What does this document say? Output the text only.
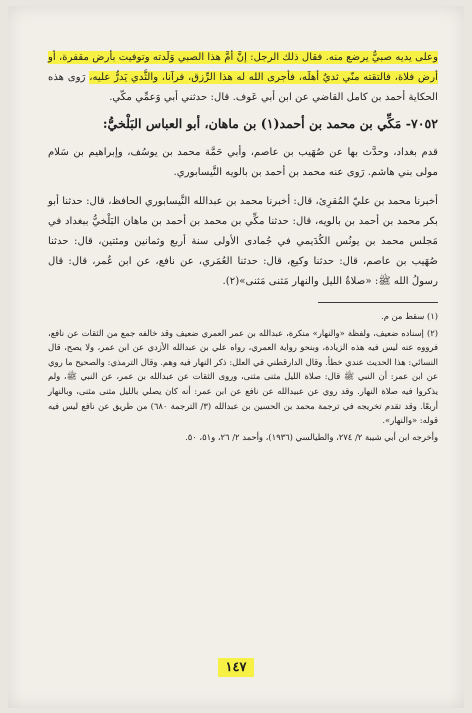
وعلى يديه صبيٌّ يرضع منه. فقال ذلك الرجل: إنَّ أمَّ هذا الصبي وَلَدته وتوفيت بأرض مقفرة، أو أرض فلاة، فالتقته منّي ثديٌ أهلَه، فأجرى الله له هذا الرِّزق، فرآنا، والثَّدي يَدرُّ عليه، رَوى هذه الحكاية أحمد بن كامل القاضي عن ابن أبي عَوف. قال: حدثني أبي وَعمِّي مكّي.

٧٠٥٢- مَكِّي بن محمد بن أحمد(١) بن ماهان، أبو العباس البَلْخيُّ:

قدم بغداد، وحدَّث بها عن صُهَيب بن عاصم، وأبي حَمَّة محمد بن يوسُف، وإبراهيم بن سَلام مولى بني هاشم. رَوى عنه محمد بن أحمد بن بالويه النَّيسابوري.

أخبرنا محمد بن عليّ المُقرِئ، قال: أخبرنا محمد بن عبدالله النَّيسابوري الحافظ، قال: حدثنا أبو بكر محمد بن أحمد بن بالويه، قال: حدثنا مكِّي بن محمد بن أحمد بن ماهان البَلْخيُّ ببغداد في مَجلس محمد بن يونُس الكُدَيمي في جُمادى الأولى سنة أربع وثمانين ومئتين، قال: حدثنا صُهَيب بن عاصم، قال: حدثنا وكيع، قال: حدثنا العُمَري، عن نافع، عن ابن عُمر، قال: قال رسولُ الله ﷺ: «صلاةُ الليل والنهار مَثنى مَثنى»(٢).

(١) سقط من م.

(٢) إسناده ضعيف، ولفظة «والنهار» منكرة، عبدالله بن عمر العمري ضعيف وقد خالفه جمع من الثقات عن نافع، فرووه عنه ليس فيه هذه الزيادة، وبنحو رواية العمري، رواه علي بن عبدالله الأزدي عن ابن عمر، ولا يصح، قال النسائي: هذا الحديث عندي خطأ. وقال الدارقطني في العلل: ذكر النهار فيه وهم. وقال الترمذي: والصحيح ما روي عن ابن عمر: أن النبي ﷺ قال: صلاة الليل مثنى مثنى، وروى الثقات عن عبدالله بن عمر، عن النبي ﷺ، ولم يذكروا فيه صلاة النهار. وقد روي عن عبيدالله عن نافع عن ابن عمر: أنه كان يصلي بالليل مثنى مثنى، وبالنهار أربعًا. وقد تقدم تخريجه في ترجمة محمد بن الحسين بن عبدالله (٣/ الترجمة ٦٨٠) من طريق عن نافع ليس فيه قوله: «والنهار».

وأخرجه ابن أبي شيبة ٢/ ٢٧٤، والطيالسي (١٩٣٦)، وأحمد ٢/ ٢٦، و٥١، ٥٠.

١٤٧
